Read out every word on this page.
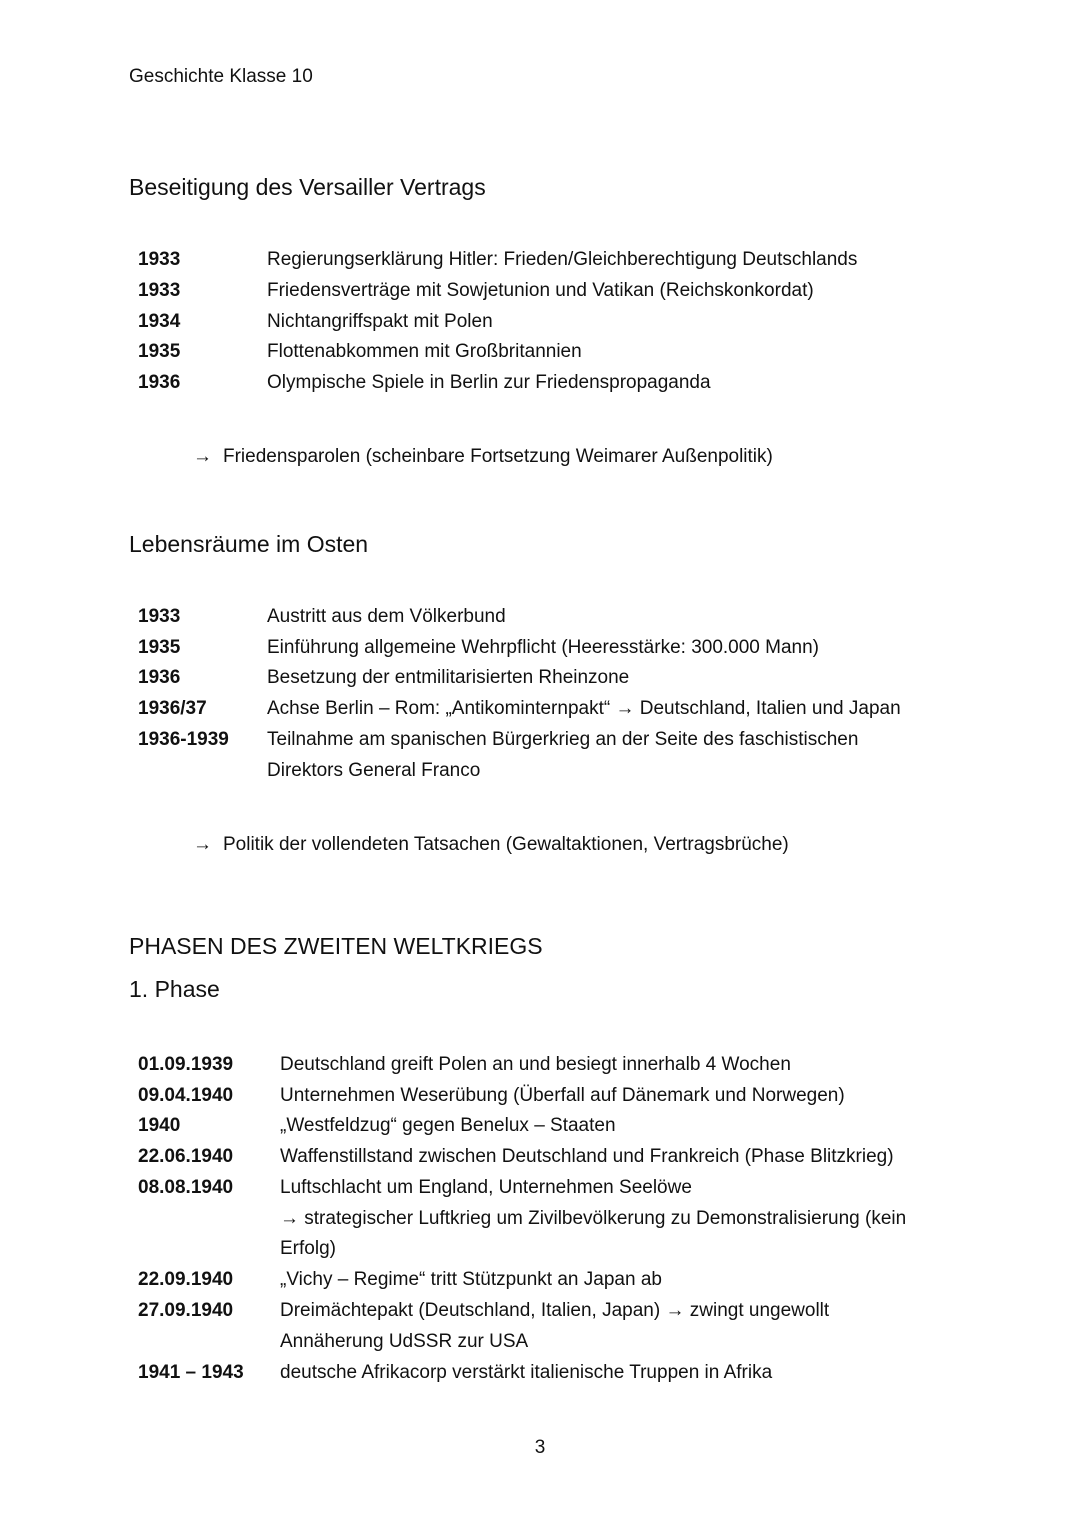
Geschichte Klasse 10
Beseitigung des Versailler Vertrags
1933	Regierungserklärung Hitler: Frieden/Gleichberechtigung Deutschlands
1933	Friedensverträge mit Sowjetunion und Vatikan (Reichskonkordat)
1934	Nichtangriffspakt mit Polen
1935	Flottenabkommen mit Großbritannien
1936	Olympische Spiele in Berlin zur Friedenspropaganda
→ Friedensparolen (scheinbare Fortsetzung Weimarer Außenpolitik)
Lebensräume im Osten
1933	Austritt aus dem Völkerbund
1935	Einführung allgemeine Wehrpflicht (Heeresstärke: 300.000 Mann)
1936	Besetzung der entmilitarisierten Rheinzone
1936/37	Achse Berlin – Rom: „Antikominternpakt“ → Deutschland, Italien und Japan
1936-1939 Teilnahme am spanischen Bürgerkrieg an der Seite des faschistischen
Direktors General Franco
→ Politik der vollendeten Tatsachen (Gewaltaktionen, Vertragsbrüche)
PHASEN DES ZWEITEN WELTKRIEGS
1. Phase
01.09.1939 Deutschland greift Polen an und besiegt innerhalb 4 Wochen
09.04.1940 Unternehmen Weserübung (Überfall auf Dänemark und Norwegen)
1940	„Westfeldzug“ gegen Benelux – Staaten
22.06.1940 Waffenstillstand zwischen Deutschland und Frankreich (Phase Blitzkrieg)
08.08.1940 Luftschlacht um England, Unternehmen Seelöwe
→ strategischer Luftkrieg um Zivilbevölkerung zu Demonstralisierung (kein
Erfolg)
22.09.1940 „Vichy – Regime“ tritt Stützpunkt an Japan ab
27.09.1940 Dreimächtepakt (Deutschland, Italien, Japan) → zwingt ungewollt
Annäherung UdSSR zur USA
1941 – 1943 deutsche Afrikacorp verstärkt italienische Truppen in Afrika
3
